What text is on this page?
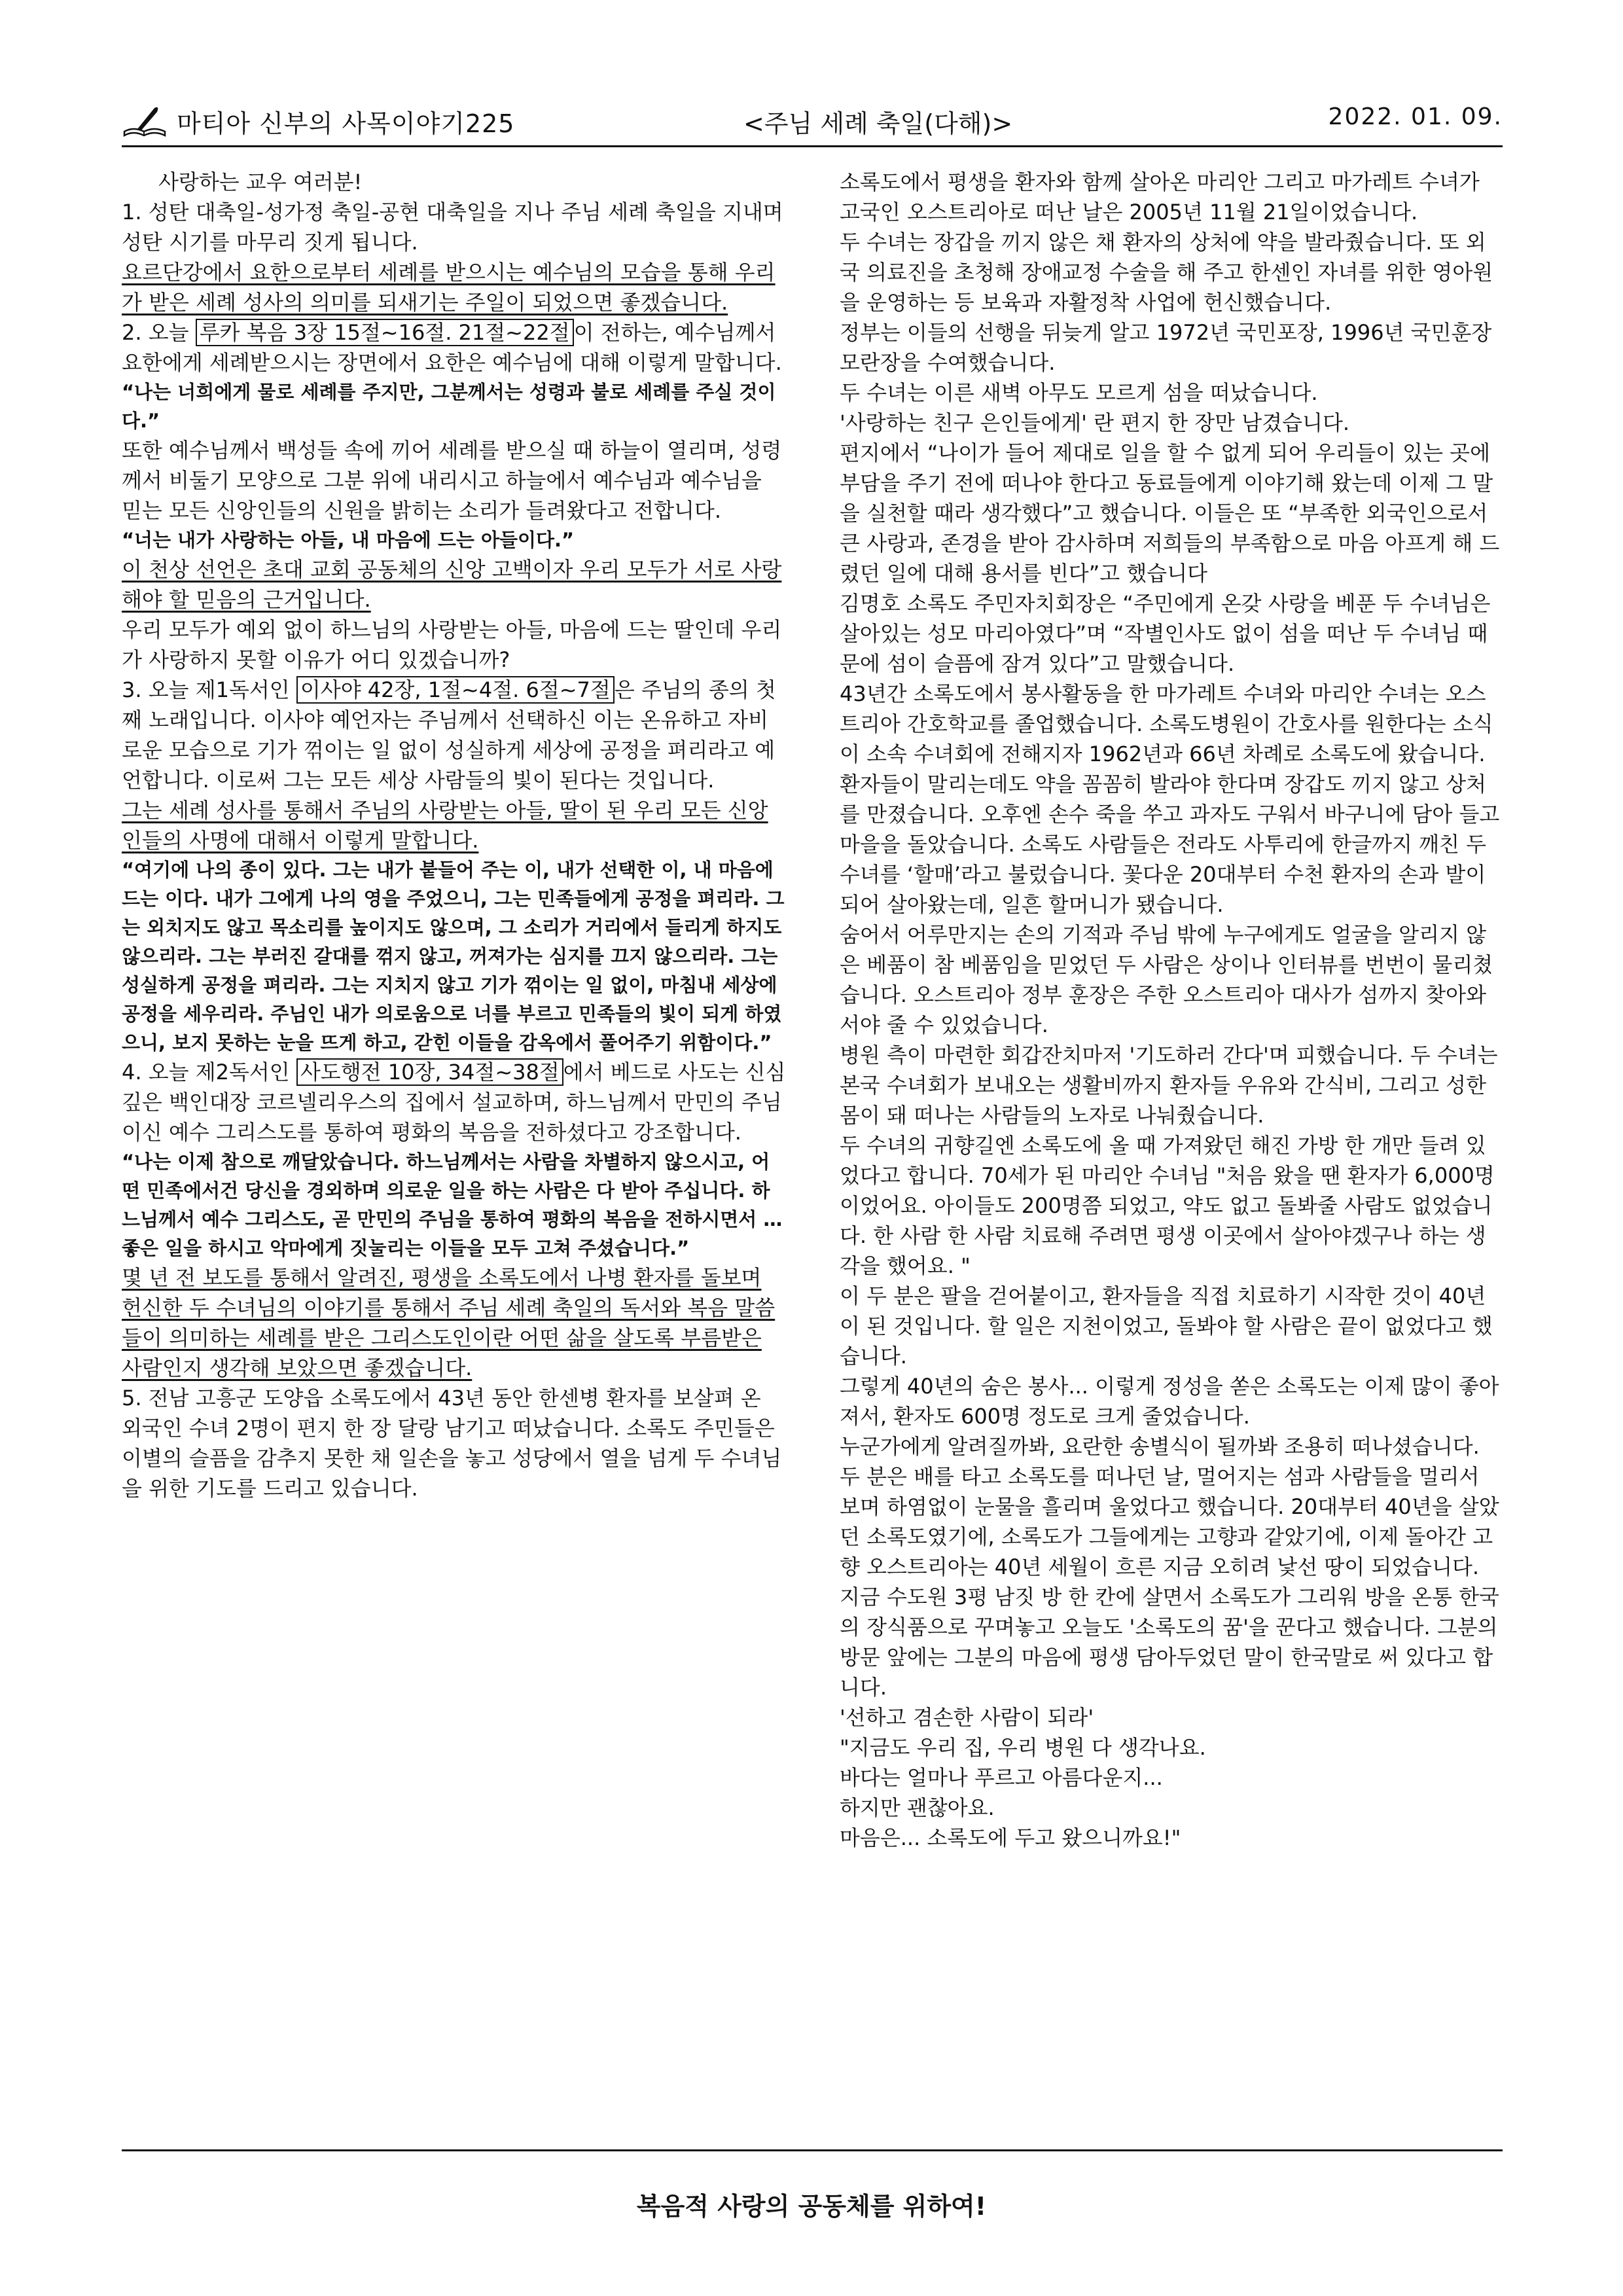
마티아 신부의 사목이야기225	<주님 세례 축일(다해)>	2022. 01. 09.

사랑하는 교우 여러분!

1. 성탄 대축일-성가정 축일-공현 대축일을 지나 주님 세례 축일을 지내며 성탄 시기를 마무리 짓게 됩니다.

요르단강에서 요한으로부터 세례를 받으시는 예수님의 모습을 통해 우리가 받은 세례 성사의 의미를 되새기는 주일이 되었으면 좋겠습니다.

2. 오늘 루카 복음 3장 15절~16절. 21절~22절 이 전하는, 예수님께서 요한에게 세례받으시는 장면에서 요한은 예수님에 대해 이렇게 말합니다.

“나는 너희에게 물로 세례를 주지만, 그분께서는 성령과 불로 세례를 주실 것이다.”

또한 예수님께서 백성들 속에 끼어 세례를 받으실 때 하늘이 열리며, 성령께서 비둘기 모양으로 그분 위에 내리시고 하늘에서 예수님과 예수님을 믿는 모든 신앙인들의 신원을 밝히는 소리가 들려왔다고 전합니다.

“너는 내가 사랑하는 아들, 내 마음에 드는 아들이다.”

이 천상 선언은 초대 교회 공동체의 신앙 고백이자 우리 모두가 서로 사랑해야 할 믿음의 근거입니다.

우리 모두가 예외 없이 하느님의 사랑받는 아들, 마음에 드는 딸인데 우리가 사랑하지 못할 이유가 어디 있겠습니까?

3. 오늘 제1독서인 이사야 42장, 1절~4절. 6절~7절 은 주님의 종의 첫째 노래입니다. 이사야 예언자는 주님께서 선택하신 이는 온유하고 자비로운 모습으로 기가 꺾이는 일 없이 성실하게 세상에 공정을 펴리라고 예언합니다. 이로써 그는 모든 세상 사람들의 빛이 된다는 것입니다.

그는 세례 성사를 통해서 주님의 사랑받는 아들, 딸이 된 우리 모든 신앙인들의 사명에 대해서 이렇게 말합니다.

“여기에 나의 종이 있다. 그는 내가 붙들어 주는 이, 내가 선택한 이, 내 마음에 드는 이다. 내가 그에게 나의 영을 주었으니, 그는 민족들에게 공정을 펴리라. 그는 외치지도 않고 목소리를 높이지도 않으며, 그 소리가 거리에서 들리게 하지도 않으리라. 그는 부러진 갈대를 꺾지 않고, 꺼져가는 심지를 끄지 않으리라. 그는 성실하게 공정을 펴리라. 그는 지치지 않고 기가 꺾이는 일 없이, 마침내 세상에 공정을 세우리라. 주님인 내가 의로움으로 너를 부르고 민족들의 빛이 되게 하였으니, 보지 못하는 눈을 뜨게 하고, 갇힌 이들을 감옥에서 풀어주기 위함이다.”

4. 오늘 제2독서인 사도행전 10장, 34절~38절 에서 베드로 사도는 신심 깊은 백인대장 코르넬리우스의 집에서 설교하며, 하느님께서 만민의 주님이신 예수 그리스도를 통하여 평화의 복음을 전하셨다고 강조합니다.

“나는 이제 참으로 깨달았습니다. 하느님께서는 사람을 차별하지 않으시고, 어떤 민족에서건 당신을 경외하며 의로운 일을 하는 사람은 다 받아 주십니다. 하느님께서 예수 그리스도, 곧 만민의 주님을 통하여 평화의 복음을 전하시면서 … 좋은 일을 하시고 악마에게 짓눌리는 이들을 모두 고쳐 주셨습니다.”

몇 년 전 보도를 통해서 알려진, 평생을 소록도에서 나병 환자를 돌보며 헌신한 두 수녀님의 이야기를 통해서 주님 세례 축일의 독서와 복음 말씀들이 의미하는 세례를 받은 그리스도인이란 어떤 삶을 살도록 부름받은 사람인지 생각해 보았으면 좋겠습니다.

5. 전남 고흥군 도양읍 소록도에서 43년 동안 한센병 환자를 보살펴 온 외국인 수녀 2명이 편지 한 장 달랑 남기고 떠났습니다. 소록도 주민들은 이별의 슬픔을 감추지 못한 채 일손을 놓고 성당에서 열을 넘게 두 수녀님을 위한 기도를 드리고 있습니다.

소록도에서 평생을 환자와 함께 살아온 마리안 그리고 마가레트 수녀가 고국인 오스트리아로 떠난 날은 2005년 11월 21일이었습니다.

두 수녀는 장갑을 끼지 않은 채 환자의 상처에 약을 발라줬습니다. 또 외국 의료진을 초청해 장애교정 수술을 해 주고 한센인 자녀를 위한 영아원을 운영하는 등 보육과 자활정착 사업에 헌신했습니다.

정부는 이들의 선행을 뒤늦게 알고 1972년 국민포장, 1996년 국민훈장 모란장을 수여했습니다.

두 수녀는 이른 새벽 아무도 모르게 섬을 떠났습니다.

'사랑하는 친구 은인들에게' 란 편지 한 장만 남겼습니다.

편지에서 “나이가 들어 제대로 일을 할 수 없게 되어 우리들이 있는 곳에 부담을 주기 전에 떠나야 한다고 동료들에게 이야기해 왔는데 이제 그 말을 실천할 때라 생각했다”고 했습니다. 이들은 또 “부족한 외국인으로서 큰 사랑과, 존경을 받아 감사하며 저희들의 부족함으로 마음 아프게 해 드렸던 일에 대해 용서를 빈다”고 했습니다

김명호 소록도 주민자치회장은 “주민에게 온갖 사랑을 베푼 두 수녀님은 살아있는 성모 마리아였다”며 “작별인사도 없이 섬을 떠난 두 수녀님 때문에 섬이 슬픔에 잠겨 있다”고 말했습니다.

43년간 소록도에서 봉사활동을 한 마가레트 수녀와 마리안 수녀는 오스트리아 간호학교를 졸업했습니다. 소록도병원이 간호사를 원한다는 소식이 소속 수녀회에 전해지자 1962년과 66년 차례로 소록도에 왔습니다. 환자들이 말리는데도 약을 꼼꼼히 발라야 한다며 장갑도 끼지 않고 상처를 만졌습니다. 오후엔 손수 죽을 쑤고 과자도 구워서 바구니에 담아 들고 마을을 돌았습니다. 소록도 사람들은 전라도 사투리에 한글까지 깨친 두 수녀를 ‘할매’라고 불렀습니다. 꽃다운 20대부터 수천 환자의 손과 발이 되어 살아왔는데, 일흔 할머니가 됐습니다.

숨어서 어루만지는 손의 기적과 주님 밖에 누구에게도 얼굴을 알리지 않은 베품이 참 베품임을 믿었던 두 사람은 상이나 인터뷰를 번번이 물리쳤습니다. 오스트리아 정부 훈장은 주한 오스트리아 대사가 섬까지 찾아와서야 줄 수 있었습니다.

병원 측이 마련한 회갑잔치마저 '기도하러 간다'며 피했습니다. 두 수녀는 본국 수녀회가 보내오는 생활비까지 환자들 우유와 간식비, 그리고 성한 몸이 돼 떠나는 사람들의 노자로 나눠줬습니다.

두 수녀의 귀향길엔 소록도에 올 때 가져왔던 해진 가방 한 개만 들려 있었다고 합니다. 70세가 된 마리안 수녀님 "처음 왔을 땐 환자가 6,000명이었어요. 아이들도 200명쯤 되었고, 약도 없고 돌봐줄 사람도 없었습니다. 한 사람 한 사람 치료해 주려면 평생 이곳에서 살아야겠구나 하는 생각을 했어요. "

이 두 분은 팔을 걷어붙이고, 환자들을 직접 치료하기 시작한 것이 40년이 된 것입니다. 할 일은 지천이었고, 돌봐야 할 사람은 끝이 없었다고 했습니다.

그렇게 40년의 숨은 봉사... 이렇게 정성을 쏟은 소록도는 이제 많이 좋아져서, 환자도 600명 정도로 크게 줄었습니다.

누군가에게 알려질까봐, 요란한 송별식이 될까봐 조용히 떠나셨습니다. 두 분은 배를 타고 소록도를 떠나던 날, 멀어지는 섬과 사람들을 멀리서 보며 하염없이 눈물을 흘리며 울었다고 했습니다. 20대부터 40년을 살았던 소록도였기에, 소록도가 그들에게는 고향과 같았기에, 이제 돌아간 고향 오스트리아는 40년 세월이 흐른 지금 오히려 낯선 땅이 되었습니다.

지금 수도원 3평 남짓 방 한 칸에 살면서 소록도가 그리워 방을 온통 한국의 장식품으로 꾸며놓고 오늘도 '소록도의 꿈'을 꾼다고 했습니다. 그분의 방문 앞에는 그분의 마음에 평생 담아두었던 말이 한국말로 써 있다고 합니다.

'선하고 겸손한 사람이 되라'

"지금도 우리 집, 우리 병원 다 생각나요.

바다는 얼마나 푸르고 아름다운지...

하지만 괜찮아요.

마음은... 소록도에 두고 왔으니까요!"

복음적 사랑의 공동체를 위하여!
